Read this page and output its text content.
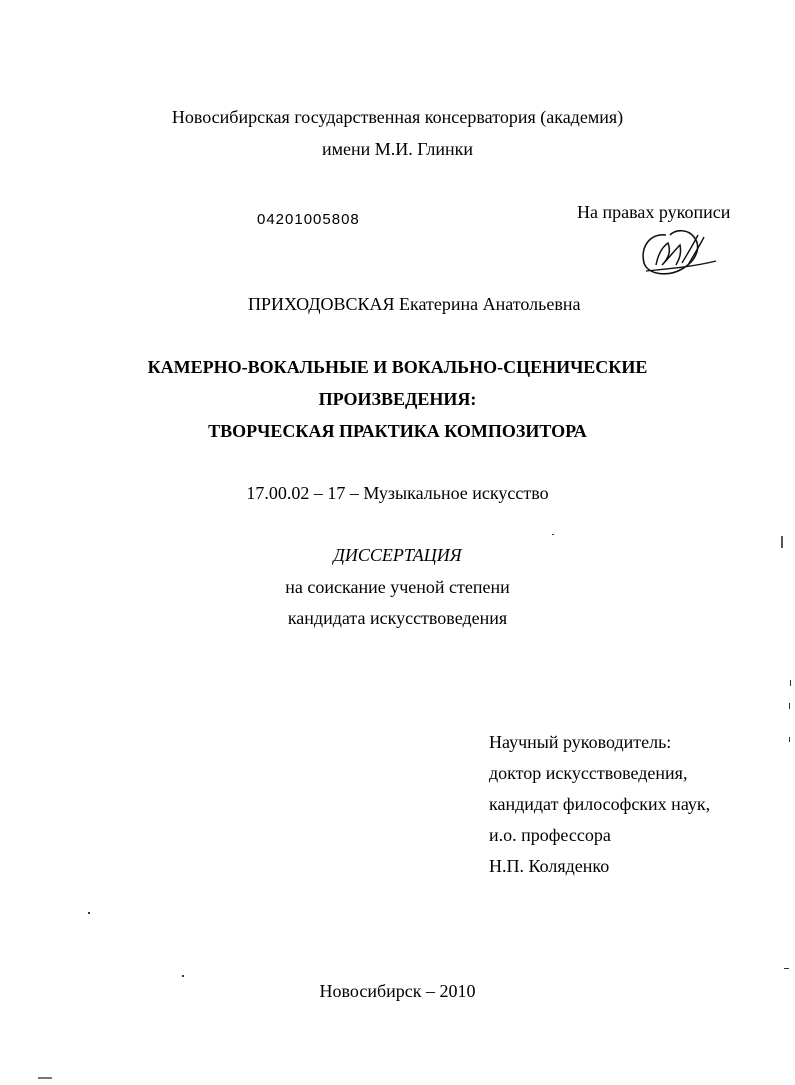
Новосибирская государственная консерватория (академия)
имени М.И. Глинки
04201005808	На правах рукописи
ПРИХОДОВСКАЯ Екатерина Анатольевна
КАМЕРНО-ВОКАЛЬНЫЕ И ВОКАЛЬНО-СЦЕНИЧЕСКИЕ
ПРОИЗВЕДЕНИЯ:
ТВОРЧЕСКАЯ ПРАКТИКА КОМПОЗИТОРА
17.00.02 – 17 – Музыкальное искусство
ДИССЕРТАЦИЯ
на соискание ученой степени
кандидата искусствоведения
Научный руководитель:
доктор искусствоведения,
кандидат философских наук,
и.о. профессора
Н.П. Коляденко
Новосибирск – 2010
